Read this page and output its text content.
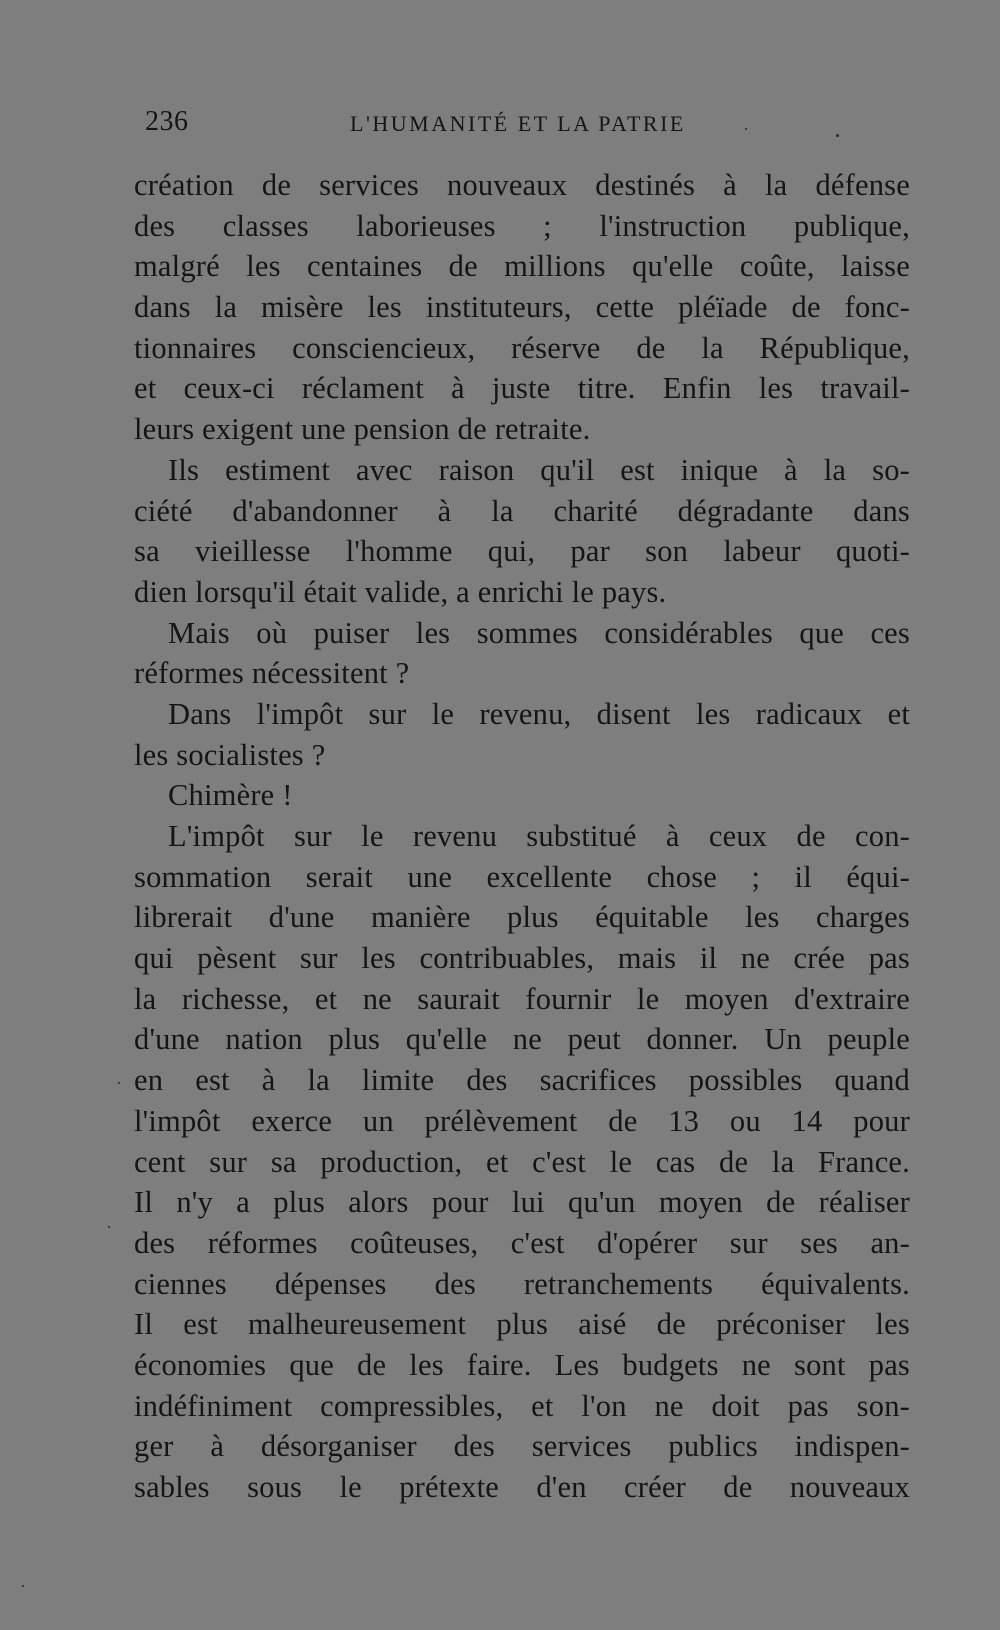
236	L'HUMANITÉ ET LA PATRIE
création de services nouveaux destinés à la défense
des classes laborieuses ; l'instruction publique,
malgré les centaines de millions qu'elle coûte, laisse
dans la misère les instituteurs, cette pléïade de fonc-
tionnaires consciencieux, réserve de la République,
et ceux-ci réclament à juste titre. Enfin les travail-
leurs exigent une pension de retraite.
Ils estiment avec raison qu'il est inique à la so-
ciété d'abandonner à la charité dégradante dans
sa vieillesse l'homme qui, par son labeur quoti-
dien lorsqu'il était valide, a enrichi le pays.
Mais où puiser les sommes considérables que ces
réformes nécessitent ?
Dans l'impôt sur le revenu, disent les radicaux et
les socialistes ?
Chimère !
L'impôt sur le revenu substitué à ceux de con-
sommation serait une excellente chose ; il équi-
librerait d'une manière plus équitable les charges
qui pèsent sur les contribuables, mais il ne crée pas
la richesse, et ne saurait fournir le moyen d'extraire
d'une nation plus qu'elle ne peut donner. Un peuple
en est à la limite des sacrifices possibles quand
l'impôt exerce un prélèvement de 13 ou 14 pour
cent sur sa production, et c'est le cas de la France.
Il n'y a plus alors pour lui qu'un moyen de réaliser
des réformes coûteuses, c'est d'opérer sur ses an-
ciennes dépenses des retranchements équivalents.
Il est malheureusement plus aisé de préconiser les
économies que de les faire. Les budgets ne sont pas
indéfiniment compressibles, et l'on ne doit pas son-
ger à désorganiser des services publics indispen-
sables sous le prétexte d'en créer de nouveaux
